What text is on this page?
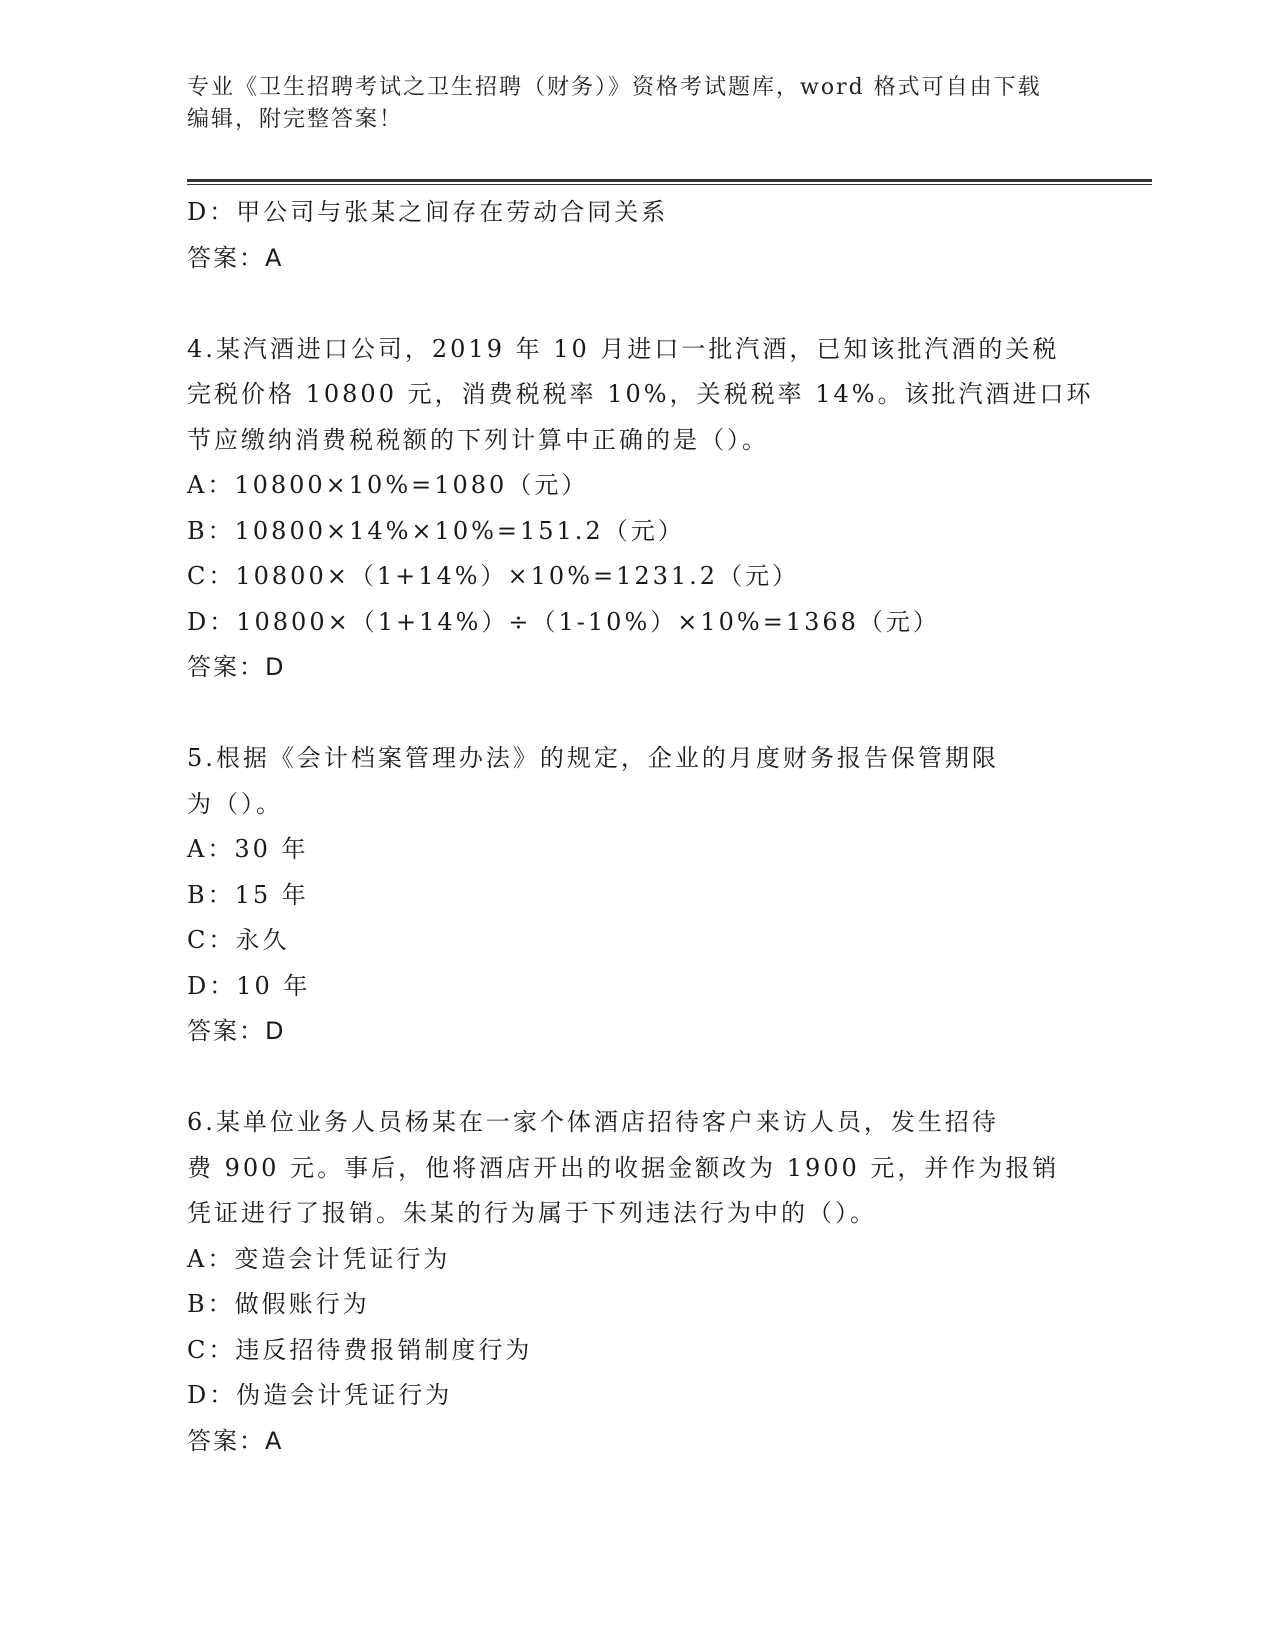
专业《卫生招聘考试之卫生招聘（财务）》资格考试题库，word 格式可自由下载
编辑，附完整答案！
D：甲公司与张某之间存在劳动合同关系
答案：A
4.某汽酒进口公司，2019 年 10 月进口一批汽酒，已知该批汽酒的关税
完税价格 10800 元，消费税税率 10%，关税税率 14%。该批汽酒进口环
节应缴纳消费税税额的下列计算中正确的是（）。
A：10800×10%=1080（元）
B：10800×14%×10%=151.2（元）
C：10800×（1+14%）×10%=1231.2（元）
D：10800×（1+14%）÷（1-10%）×10%=1368（元）
答案：D
5.根据《会计档案管理办法》的规定，企业的月度财务报告保管期限
为（）。
A：30 年
B：15 年
C：永久
D：10 年
答案：D
6.某单位业务人员杨某在一家个体酒店招待客户来访人员，发生招待
费 900 元。事后，他将酒店开出的收据金额改为 1900 元，并作为报销
凭证进行了报销。朱某的行为属于下列违法行为中的（）。
A：变造会计凭证行为
B：做假账行为
C：违反招待费报销制度行为
D：伪造会计凭证行为
答案：A
